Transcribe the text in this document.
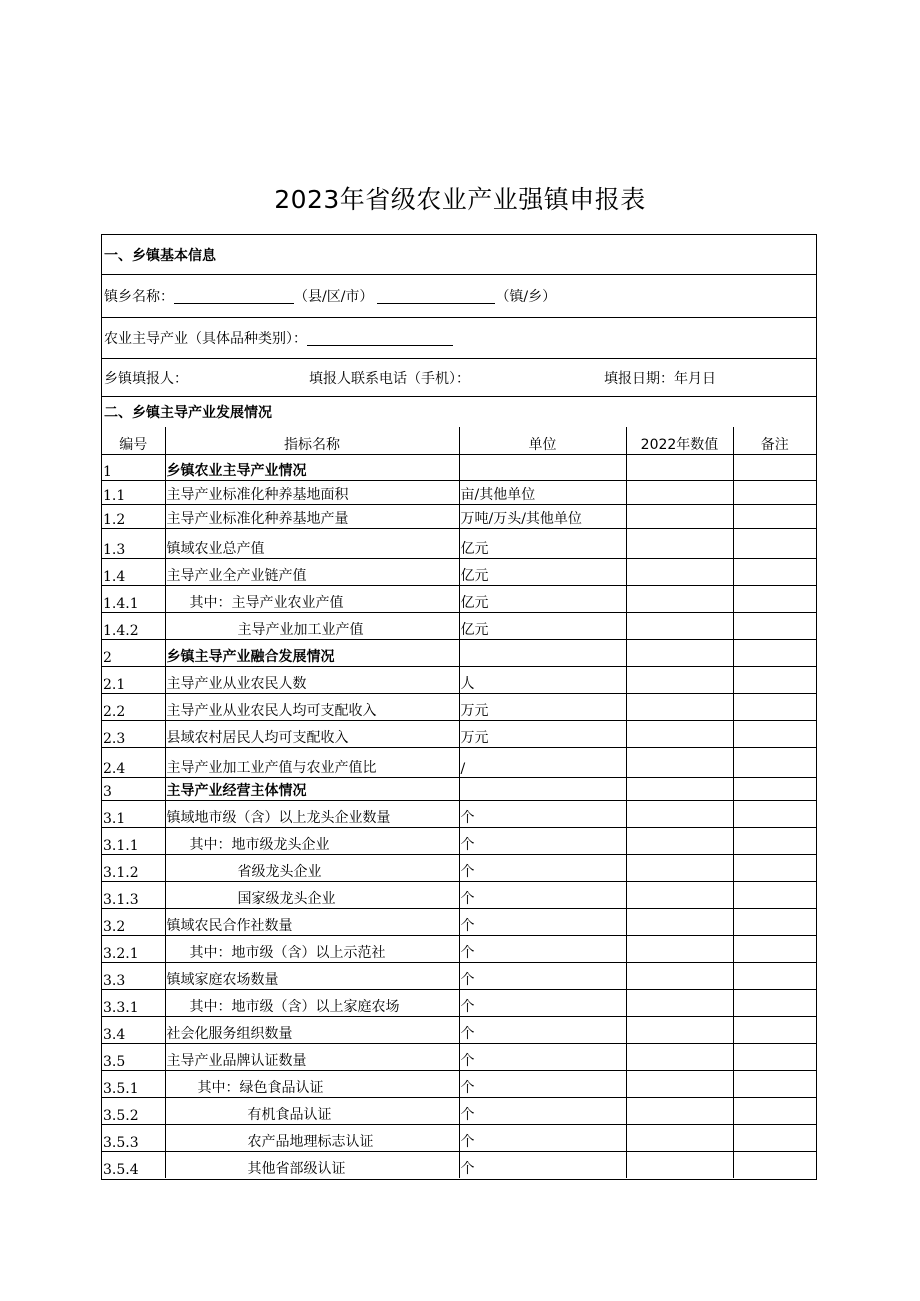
2023年省级农业产业强镇申报表
一、乡镇基本信息
镇乡名称：	（县/区/市）	（镇/乡）
农业主导产业（具体品种类别）：
乡镇填报人：	填报人联系电话（手机）：	填报日期：年月日
二、乡镇主导产业发展情况
编号	指标名称	单位	2022年数值	备注
1	乡镇农业主导产业情况			
1.1	主导产业标准化种养基地面积	亩/其他单位		
1.2	主导产业标准化种养基地产量	万吨/万头/其他单位		
1.3	镇域农业总产值	亿元		
1.4	主导产业全产业链产值	亿元		
1.4.1	其中：主导产业农业产值	亿元		
1.4.2	主导产业加工业产值	亿元		
2	乡镇主导产业融合发展情况			
2.1	主导产业从业农民人数	人		
2.2	主导产业从业农民人均可支配收入	万元		
2.3	县域农村居民人均可支配收入	万元		
2.4	主导产业加工业产值与农业产值比	/		
3	主导产业经营主体情况			
3.1	镇域地市级（含）以上龙头企业数量	个		
3.1.1	其中：地市级龙头企业	个		
3.1.2	省级龙头企业	个		
3.1.3	国家级龙头企业	个		
3.2	镇域农民合作社数量	个		
3.2.1	其中：地市级（含）以上示范社	个		
3.3	镇域家庭农场数量	个		
3.3.1	其中：地市级（含）以上家庭农场	个		
3.4	社会化服务组织数量	个		
3.5	主导产业品牌认证数量	个		
3.5.1	其中：绿色食品认证	个		
3.5.2	有机食品认证	个		
3.5.3	农产品地理标志认证	个		
3.5.4	其他省部级认证	个		
